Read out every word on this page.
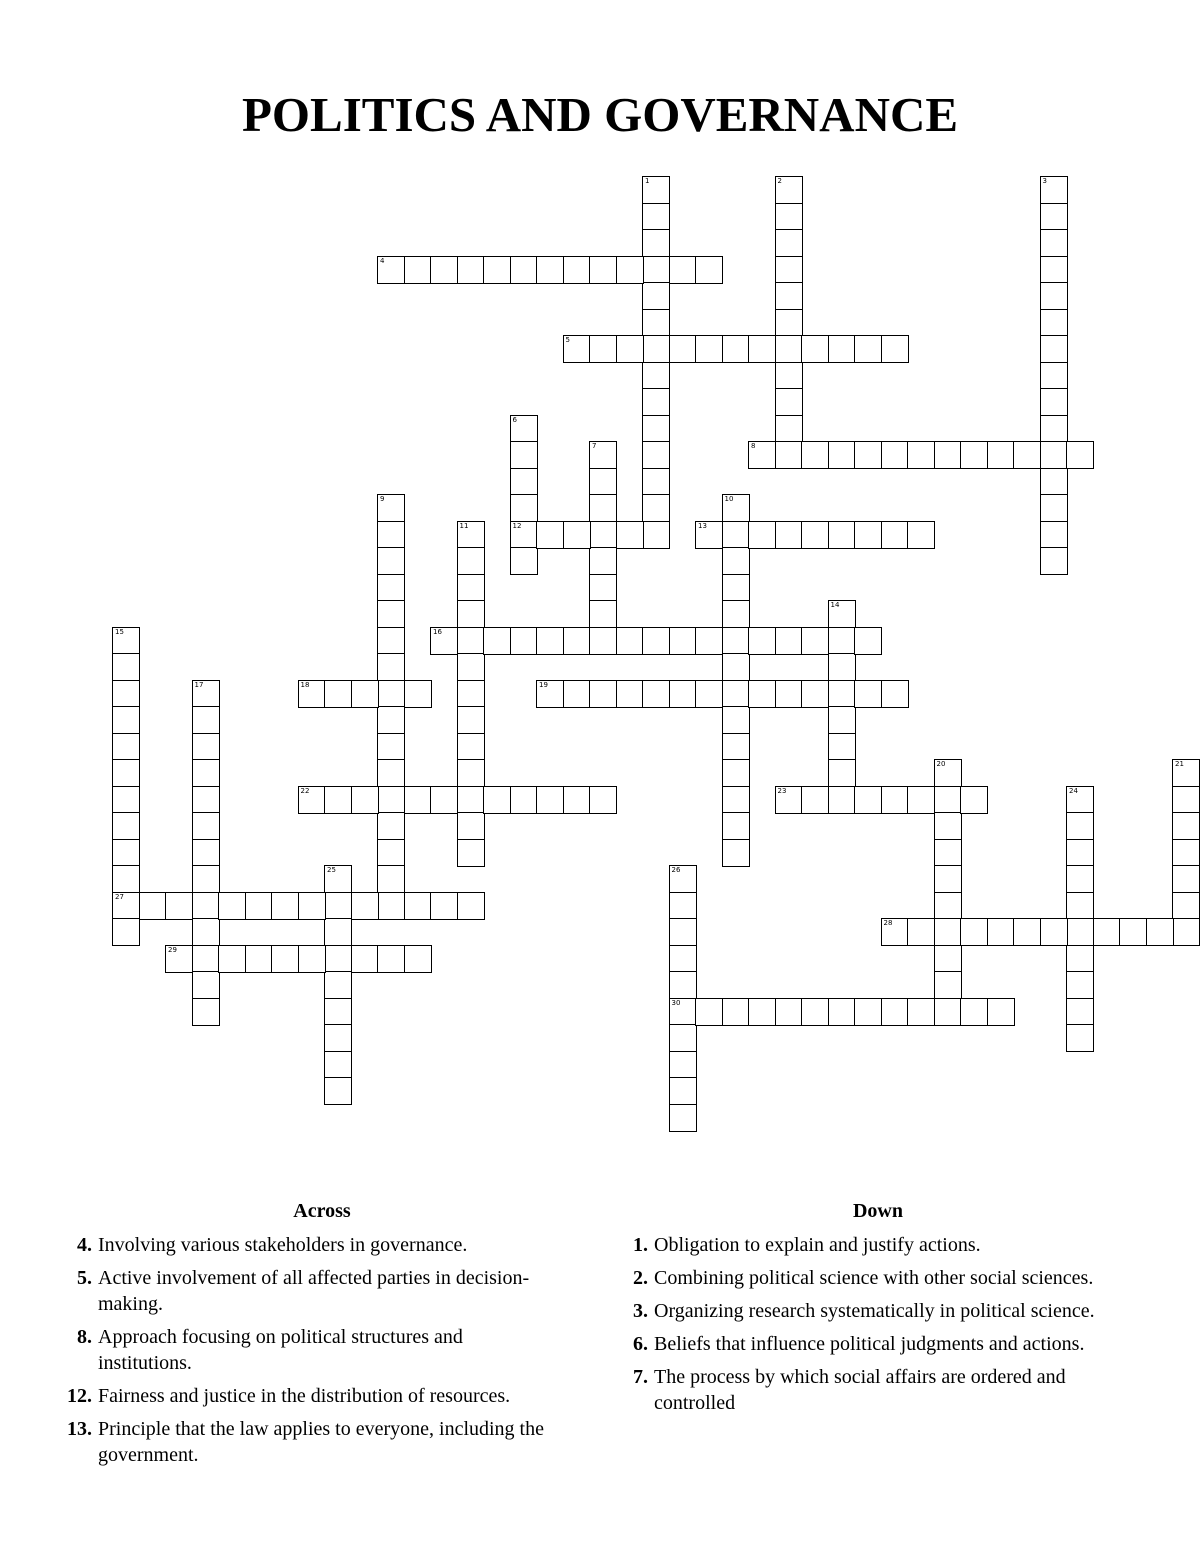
POLITICS AND GOVERNANCE
1	2	3
4
5
6
12
7	8
9	10
11	13
14
15
27
16
17	18	19
20	21
22	23	24
25	26
30
28
29
Across	Down
4. Involving various stakeholders in governance.
5. Active involvement of all affected parties in decision-making.
8. Approach focusing on political structures and institutions.
12. Fairness and justice in the distribution of resources.
13. Principle that the law applies to everyone, including the government.
1. Obligation to explain and justify actions.
2. Combining political science with other social sciences.
3. Organizing research systematically in political science.
6. Beliefs that influence political judgments and actions.
7. The process by which social affairs are ordered and controlled
